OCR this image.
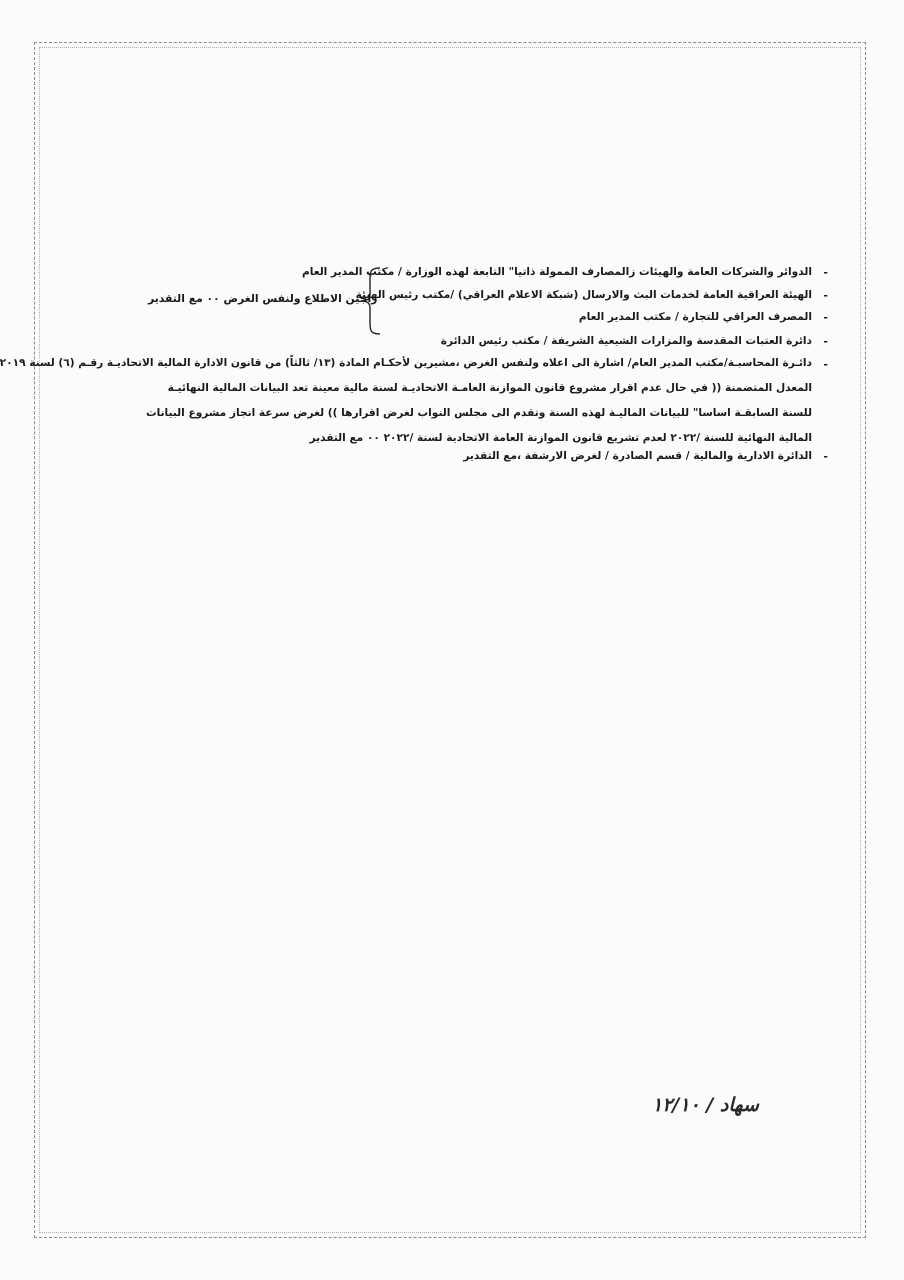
-
الدوائر والشركات العامة والهيئات زالمصارف الممولة ذاتيا" التابعة لهذه الوزارة / مكتب المدير العام
-
الهيئة العراقية العامة لخدمات البث والارسال (شبكة الاعلام العراقي) /مكتب رئيس الهيئة
-
المصرف العراقي للتجارة / مكتب المدير العام
-
دائرة العتبات المقدسة والمزارات الشيعية الشريفة / مكتب رئيس الدائرة
راجين الاطلاع ولنفس الغرض ٠٠ مع التقدير
-
دائـرة المحاسبـة/مكتب المدير العام/ اشارة الى اعلاه ولنفس الغرض ،مشيرين لأحكـام المادة (١٣/ ثالثاً) من قانون الادارة المالية الاتحاديـة رقـم (٦) لسنة ٢٠١٩
المعدل المتضمنة (( في حال عدم اقرار مشروع قانون الموازنة العامـة الاتحاديـة لسنة مالية معينة تعد البيانات المالية النهائيـة
للسنة السابقـة اساسا" للبيانات الماليـة لهذه السنة وتقدم الى مجلس النواب لغرض اقرارها )) لغرض سرعة انجاز مشروع البيانات
المالية النهائية للسنة /٢٠٢٢ لعدم تشريع قانون الموازنة العامة الاتحادية لسنة /٢٠٢٢ ٠٠ مع التقدير
-
الدائرة الادارية والمالية / قسم الصادرة / لغرض الارشفة ،مع التقدير
سهاد / ١٢/١٠
